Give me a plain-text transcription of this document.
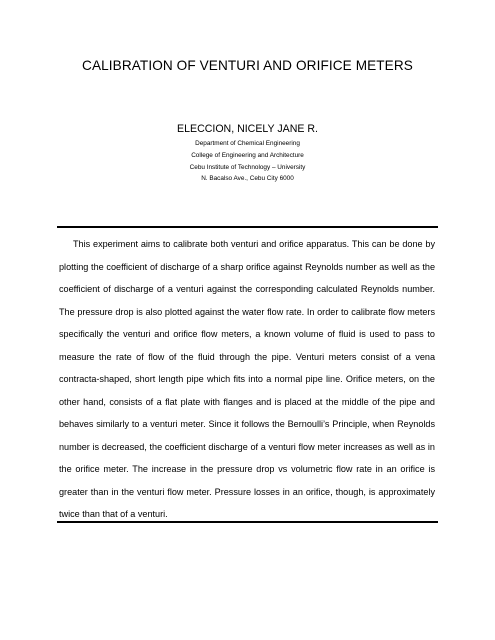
CALIBRATION OF VENTURI AND ORIFICE METERS
ELECCION, NICELY JANE R.
Department of Chemical Engineering
College of Engineering and Architecture
Cebu Institute of Technology – University
N. Bacalso Ave., Cebu City 6000

This experiment aims to calibrate both venturi and orifice apparatus. This can be done by plotting the coefficient of discharge of a sharp orifice against Reynolds number as well as the coefficient of discharge of a venturi against the corresponding calculated Reynolds number. The pressure drop is also plotted against the water flow rate. In order to calibrate flow meters specifically the venturi and orifice flow meters, a known volume of fluid is used to pass to measure the rate of flow of the fluid through the pipe. Venturi meters consist of a vena contracta-shaped, short length pipe which fits into a normal pipe line. Orifice meters, on the other hand, consists of a flat plate with flanges and is placed at the middle of the pipe and behaves similarly to a venturi meter. Since it follows the Bernoulli’s Principle, when Reynolds number is decreased, the coefficient discharge of a venturi flow meter increases as well as in the orifice meter. The increase in the pressure drop vs volumetric flow rate in an orifice is greater than in the venturi flow meter. Pressure losses in an orifice, though, is approximately twice than that of a venturi.
